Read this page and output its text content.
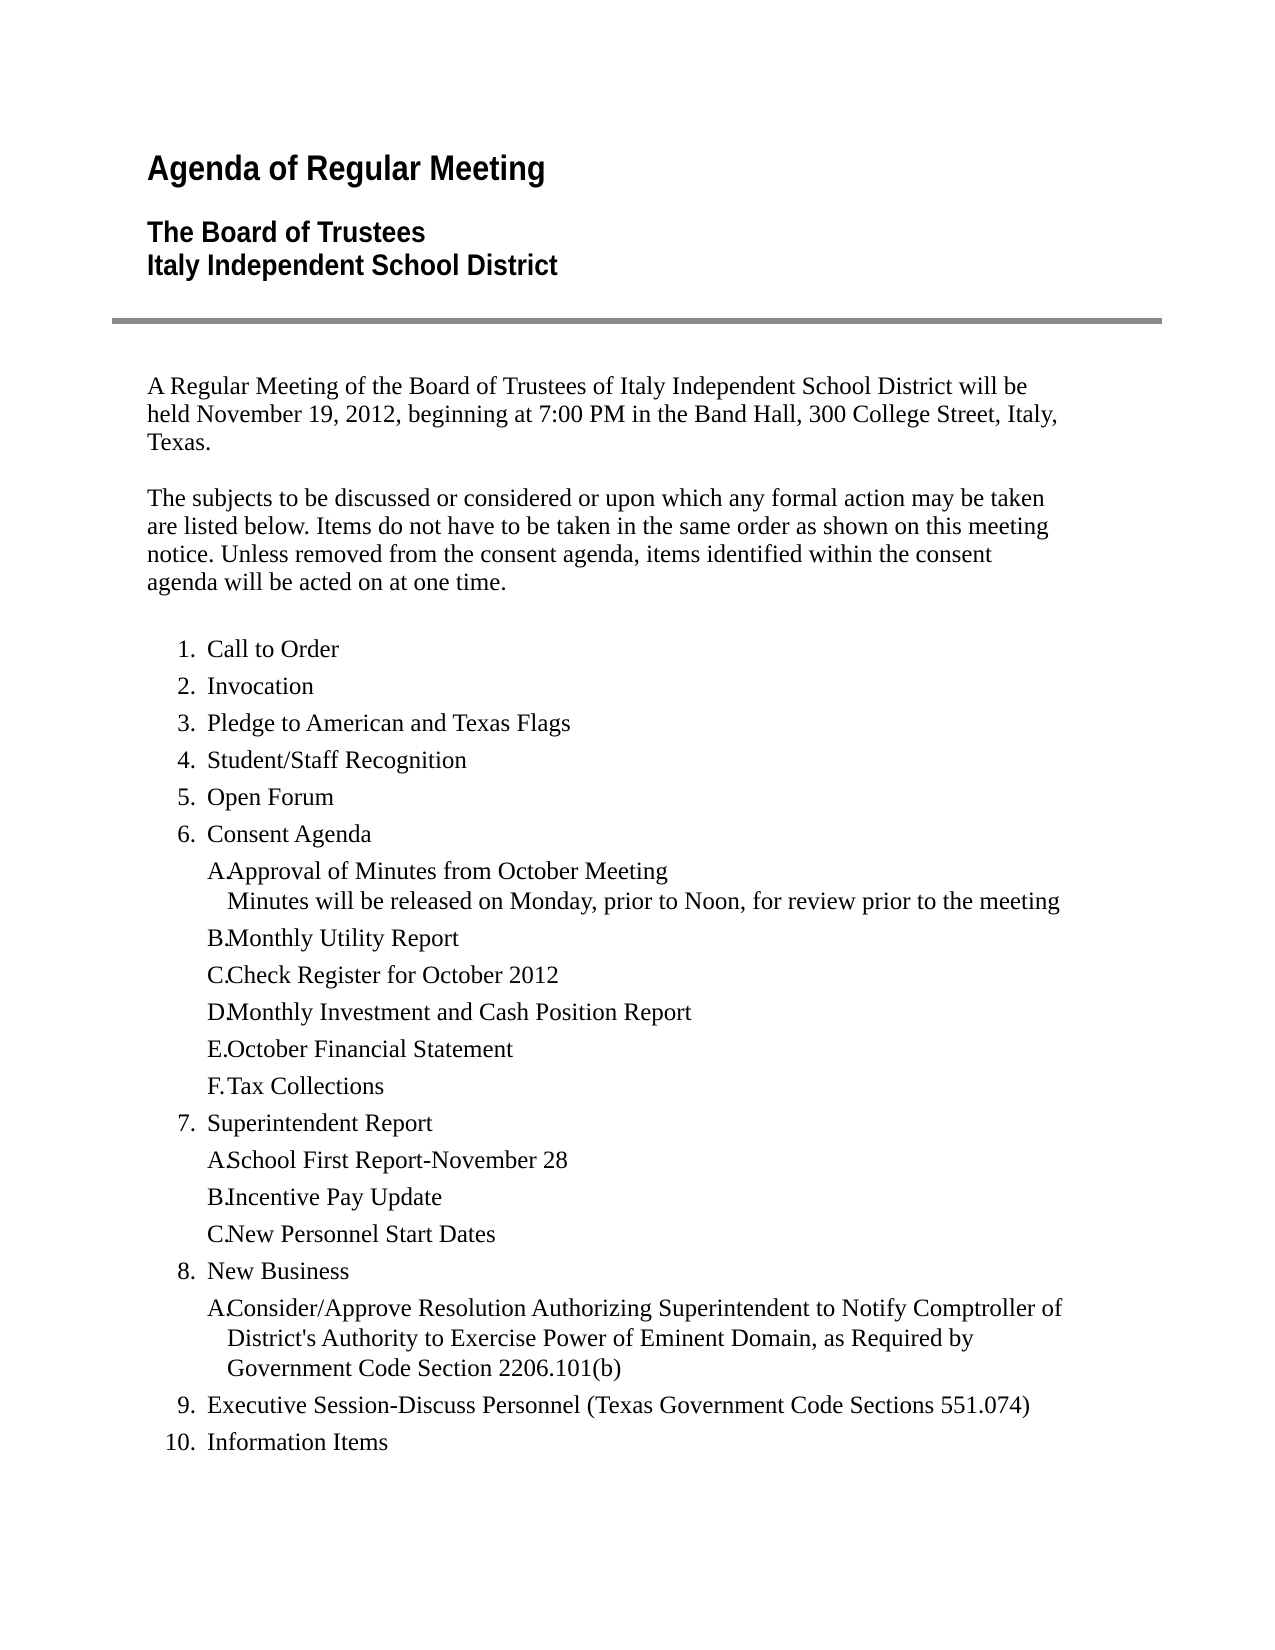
Agenda of Regular Meeting
The Board of Trustees
Italy Independent School District

A Regular Meeting of the Board of Trustees of Italy Independent School District will be held November 19, 2012, beginning at 7:00 PM in the Band Hall, 300 College Street, Italy, Texas.

The subjects to be discussed or considered or upon which any formal action may be taken are listed below. Items do not have to be taken in the same order as shown on this meeting notice. Unless removed from the consent agenda, items identified within the consent agenda will be acted on at one time.

1. Call to Order
2. Invocation
3. Pledge to American and Texas Flags
4. Student/Staff Recognition
5. Open Forum
6. Consent Agenda
A.
Approval of Minutes from October Meeting
Minutes will be released on Monday, prior to Noon, for review prior to the meeting
B.
Monthly Utility Report
C.
Check Register for October 2012
D.
Monthly Investment and Cash Position Report
E.
October Financial Statement
F. Tax Collections
7. Superintendent Report
A.
School First Report-November 28
B.
Incentive Pay Update
C.
New Personnel Start Dates
8. New Business
A.
Consider/Approve Resolution Authorizing Superintendent to Notify Comptroller of District's Authority to Exercise Power of Eminent Domain, as Required by Government Code Section 2206.101(b)
9. Executive Session-Discuss Personnel (Texas Government Code Sections 551.074)
10. Information Items
